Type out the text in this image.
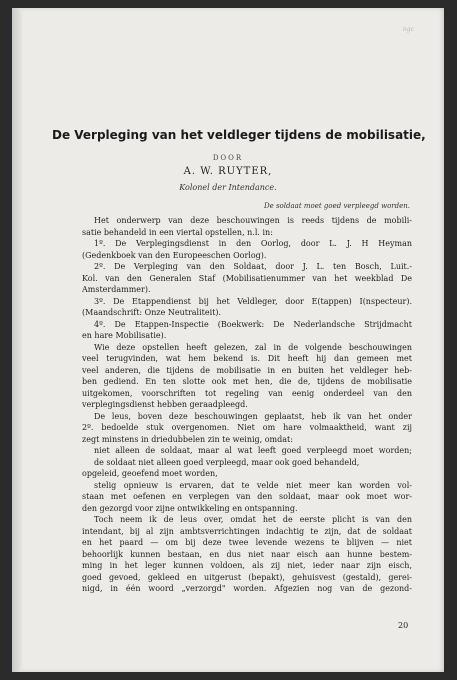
ngc
De Verpleging van het veldleger tijdens de mobilisatie,
DOOR
A. W. RUYTER,
Kolonel der Intendance.
De soldaat moet goed verpleegd worden.
Het onderwerp van deze beschouwingen is reeds tijdens de mobili-
satie behandeld in een viertal opstellen, n.l. in:
1º. De Verplegingsdienst in den Oorlog, door L. J. H Heyman
(Gedenkboek van den Europeeschen Oorlog).
2º. De Verpleging van den Soldaat, door J. L. ten Bosch, Luit.-
Kol. van den Generalen Staf (Mobilisatienummer van het weekblad De
Amsterdammer).
3º. De Etappendienst bij het Veldleger, door E(tappen) I(nspecteur).
(Maandschrift: Onze Neutraliteit).
4º. De Etappen-Inspectie (Boekwerk: De Nederlandsche Strijdmacht
en hare Mobilisatie).
Wie deze opstellen heeft gelezen, zal in de volgende beschouwingen
veel terugvinden, wat hem bekend is. Dit heeft hij dan gemeen met
veel anderen, die tijdens de mobilisatie in en buiten het veldleger heb-
ben gediend. En ten slotte ook met hen, die de, tijdens de mobilisatie
uitgekomen, voorschriften tot regeling van eenig onderdeel van den
verplegingsdienst hebben geraadpleegd.
De leus, boven deze beschouwingen geplaatst, heb ik van het onder
2º. bedoelde stuk overgenomen. Niet om hare volmaaktheid, want zij
zegt minstens in driedubbelen zin te weinig, omdat:
niet alleen de soldaat, maar al wat leeft goed verpleegd moet worden;
de soldaat niet alleen goed verpleegd, maar ook goed behandeld,
opgeleid, geoefend moet worden,
stelig opnieuw is ervaren, dat te velde niet meer kan worden vol-
staan met oefenen en verplegen van den soldaat, maar ook moet wor-
den gezorgd voor zijne ontwikkeling en ontspanning.
Toch neem ik de leus over, omdat het de eerste plicht is van den
intendant, bij al zijn ambtsverrichtingen indachtig te zijn, dat de soldaat
en het paard — om bij deze twee levende wezens te blijven — niet
behoorlijk kunnen bestaan, en dus niet naar eisch aan hunne bestem-
ming in het leger kunnen voldoen, als zij niet, ieder naar zijn eisch,
goed gevoed, gekleed en uitgerust (bepakt), gehuisvest (gestald), gerei-
nigd, in één woord „verzorgd" worden. Afgezien nog van de gezond-
20
